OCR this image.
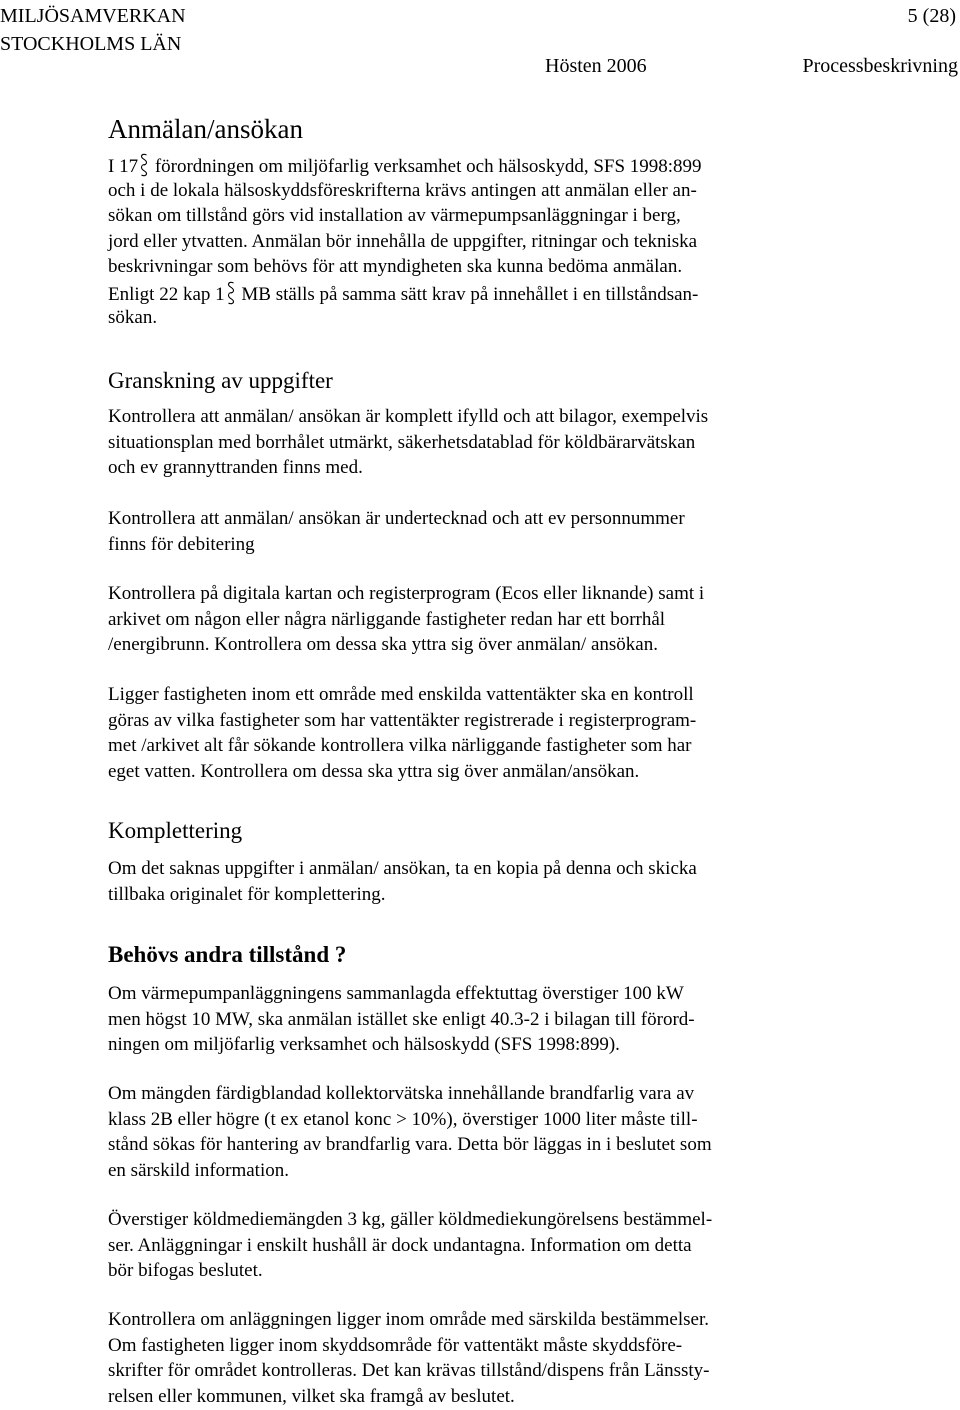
MILJÖSAMVERKAN
STOCKHOLMS LÄN
5 (28)
Hösten 2006	Processbeskrivning
Anmälan/ansökan
I 17 förordningen om miljöfarlig verksamhet och hälsoskydd, SFS 1998:899
och i de lokala hälsoskyddsföreskrifterna krävs antingen att anmälan eller an-
sökan om tillstånd görs vid installation av värmepumpsanläggningar i berg,
jord eller ytvatten. Anmälan bör innehålla de uppgifter, ritningar och tekniska
beskrivningar som behövs för att myndigheten ska kunna bedöma anmälan.
Enligt 22 kap 1 MB ställs på samma sätt krav på innehållet i en tillståndsan-
sökan.
Granskning av uppgifter
Kontrollera att anmälan/ ansökan är komplett ifylld och att bilagor, exempelvis
situationsplan med borrhålet utmärkt, säkerhetsdatablad för köldbärarvätskan
och ev grannyttranden finns med.
Kontrollera att anmälan/ ansökan är undertecknad och att ev personnummer
finns för debitering
Kontrollera på digitala kartan och registerprogram (Ecos eller liknande) samt i
arkivet om någon eller några närliggande fastigheter redan har ett borrhål
/energibrunn. Kontrollera om dessa ska yttra sig över anmälan/ ansökan.
Ligger fastigheten inom ett område med enskilda vattentäkter ska en kontroll
göras av vilka fastigheter som har vattentäkter registrerade i registerprogram-
met /arkivet alt får sökande kontrollera vilka närliggande fastigheter som har
eget vatten. Kontrollera om dessa ska yttra sig över anmälan/ansökan.
Komplettering
Om det saknas uppgifter i anmälan/ ansökan, ta en kopia på denna och skicka
tillbaka originalet för komplettering.
Behövs andra tillstånd ?
Om värmepumpanläggningens sammanlagda effektuttag överstiger 100 kW
men högst 10 MW, ska anmälan istället ske enligt 40.3-2 i bilagan till förord-
ningen om miljöfarlig verksamhet och hälsoskydd (SFS 1998:899).
Om mängden färdigblandad kollektorvätska innehållande brandfarlig vara av
klass 2B eller högre (t ex etanol konc > 10%), överstiger 1000 liter måste till-
stånd sökas för hantering av brandfarlig vara. Detta bör läggas in i beslutet som
en särskild information.
Överstiger köldmediemängden 3 kg, gäller köldmediekungörelsens bestämmel-
ser. Anläggningar i enskilt hushåll är dock undantagna. Information om detta
bör bifogas beslutet.
Kontrollera om anläggningen ligger inom område med särskilda bestämmelser.
Om fastigheten ligger inom skyddsområde för vattentäkt måste skyddsföre-
skrifter för området kontrolleras. Det kan krävas tillstånd/dispens från Länssty-
relsen eller kommunen, vilket ska framgå av beslutet.
